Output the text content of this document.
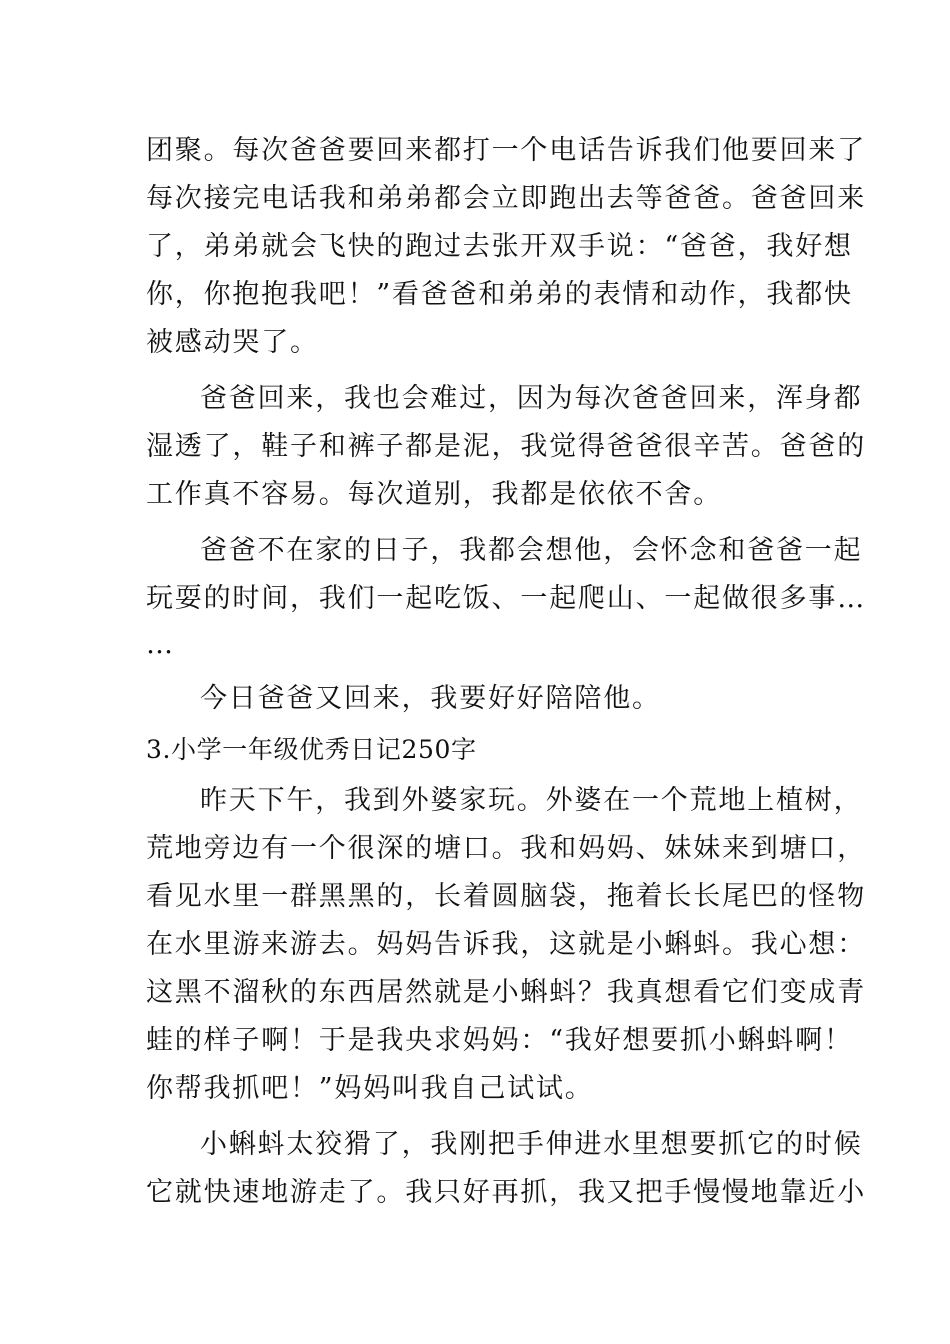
团聚。每次爸爸要回来都打一个电话告诉我们他要回来了
每次接完电话我和弟弟都会立即跑出去等爸爸。爸爸回来
了，弟弟就会飞快的跑过去张开双手说：“爸爸，我好想
你，你抱抱我吧！”看爸爸和弟弟的表情和动作，我都快
被感动哭了。
爸爸回来，我也会难过，因为每次爸爸回来，浑身都
湿透了，鞋子和裤子都是泥，我觉得爸爸很辛苦。爸爸的
工作真不容易。每次道别，我都是依依不舍。
爸爸不在家的日子，我都会想他，会怀念和爸爸一起
玩耍的时间，我们一起吃饭、一起爬山、一起做很多事…
…
今日爸爸又回来，我要好好陪陪他。
3.小学一年级优秀日记250字
昨天下午，我到外婆家玩。外婆在一个荒地上植树，
荒地旁边有一个很深的塘口。我和妈妈、妹妹来到塘口，
看见水里一群黑黑的，长着圆脑袋，拖着长长尾巴的怪物
在水里游来游去。妈妈告诉我，这就是小蝌蚪。我心想：
这黑不溜秋的东西居然就是小蝌蚪？我真想看它们变成青
蛙的样子啊！于是我央求妈妈：“我好想要抓小蝌蚪啊！
你帮我抓吧！”妈妈叫我自己试试。
小蝌蚪太狡猾了，我刚把手伸进水里想要抓它的时候
它就快速地游走了。我只好再抓，我又把手慢慢地靠近小
